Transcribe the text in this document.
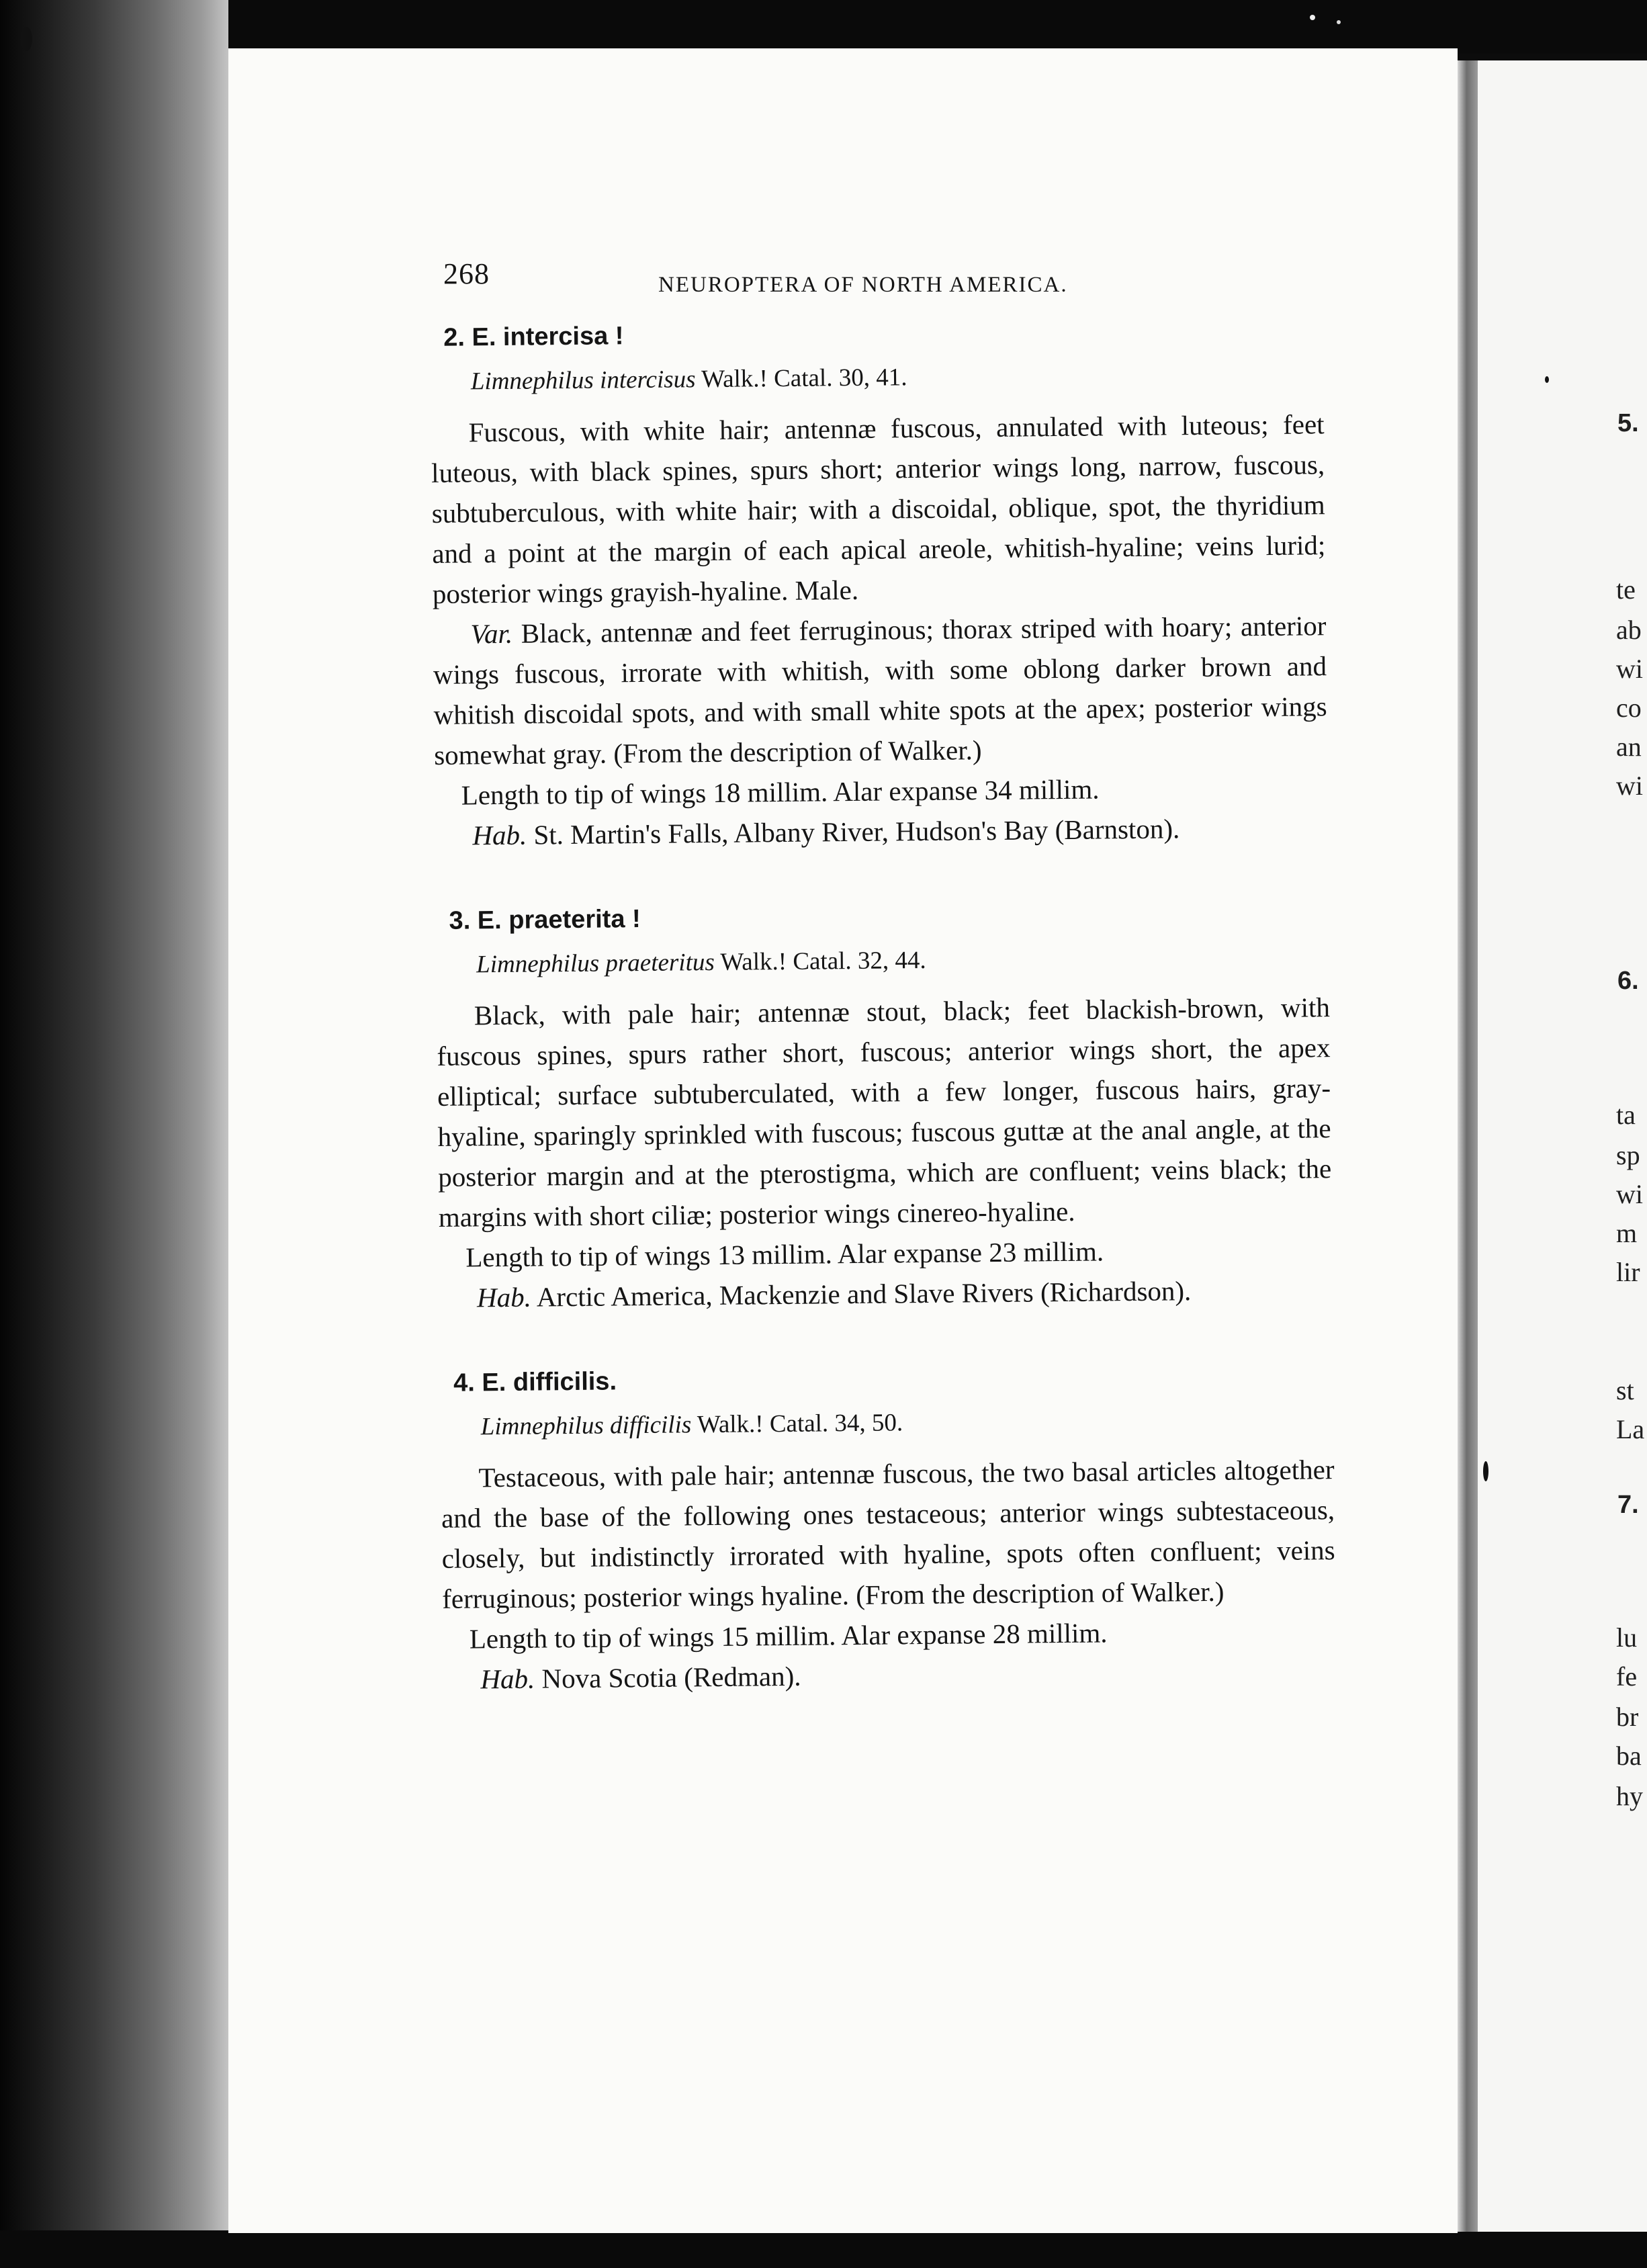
5.
6.
7.
te
ab
wi
co
an
wi
ta
sp
wi
m
lir
st
La
lu
fe
br
ba
hy
268	NEUROPTERA OF NORTH AMERICA.
2. E. intercisa !
Limnephilus intercisus Walk.! Catal. 30, 41.

Fuscous, with white hair; antennæ fuscous, annulated with luteous; feet luteous, with black spines, spurs short; anterior wings long, narrow, fuscous, subtuberculous, with white hair; with a discoidal, oblique, spot, the thyridium and a point at the margin of each apical areole, whitish-hyaline; veins lurid; posterior wings grayish-hyaline. Male.

Var. Black, antennæ and feet ferruginous; thorax striped with hoary; anterior wings fuscous, irrorate with whitish, with some oblong darker brown and whitish discoidal spots, and with small white spots at the apex; posterior wings somewhat gray. (From the description of Walker.)

Length to tip of wings 18 millim. Alar expanse 34 millim.

Hab. St. Martin's Falls, Albany River, Hudson's Bay (Barnston).

3. E. praeterita !
Limnephilus praeteritus Walk.! Catal. 32, 44.

Black, with pale hair; antennæ stout, black; feet blackish-brown, with fuscous spines, spurs rather short, fuscous; anterior wings short, the apex elliptical; surface subtuberculated, with a few longer, fuscous hairs, gray-hyaline, sparingly sprinkled with fuscous; fuscous guttæ at the anal angle, at the posterior margin and at the pterostigma, which are confluent; veins black; the margins with short ciliæ; posterior wings cinereo-hyaline.

Length to tip of wings 13 millim. Alar expanse 23 millim.

Hab. Arctic America, Mackenzie and Slave Rivers (Richardson).

4. E. difficilis.
Limnephilus difficilis Walk.! Catal. 34, 50.

Testaceous, with pale hair; antennæ fuscous, the two basal articles altogether and the base of the following ones testaceous; anterior wings subtestaceous, closely, but indistinctly irrorated with hyaline, spots often confluent; veins ferruginous; posterior wings hyaline. (From the description of Walker.)

Length to tip of wings 15 millim. Alar expanse 28 millim.

Hab. Nova Scotia (Redman).
